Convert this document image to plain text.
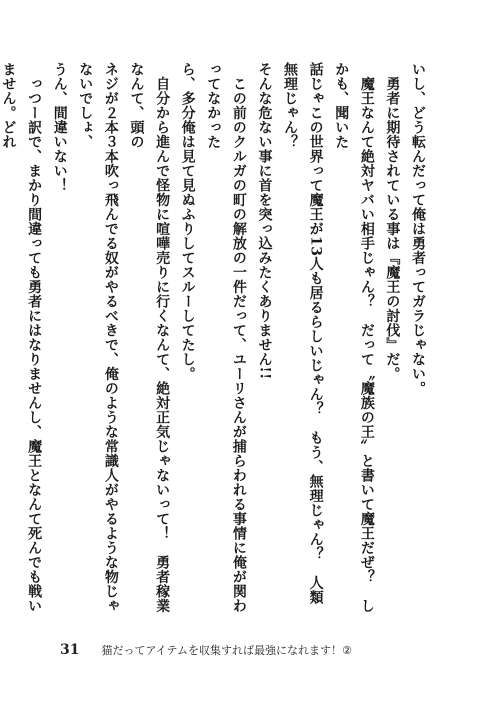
いし、どう転んだって俺は勇者ってガラじゃない。

　勇者に期待されている事は『魔王の討伐』だ。

　魔王なんて絶対ヤバい相手じゃん？　だって〝魔族の王〟と書いて魔王だぜ？　しかも、聞いた

話じゃこの世界って魔王が13人も居るらしいじゃん？　もう、無理じゃん？　人類無理じゃん？

そんな危ない事に首を突っ込みたくありません!!

　この前のクルガの町の解放の一件だって、ユーリさんが捕らわれる事情に俺が関わってなかった

ら、多分俺は見て見ぬふりしてスルーしてたし。

　自分から進んで怪物に喧嘩売りに行くなんて、絶対正気じゃないって！　勇者稼業なんて、頭の

ネジが２本３本吹っ飛んでる奴がやるべきで、俺のような常識人がやるような物じゃないでしょ、

うん、間違いない！

　っつー訳で、まかり間違っても勇者にはなりませんし、魔王となんて死んでも戦いません。どれ

31 猫だってアイテムを収集すれば最強になれます！②
